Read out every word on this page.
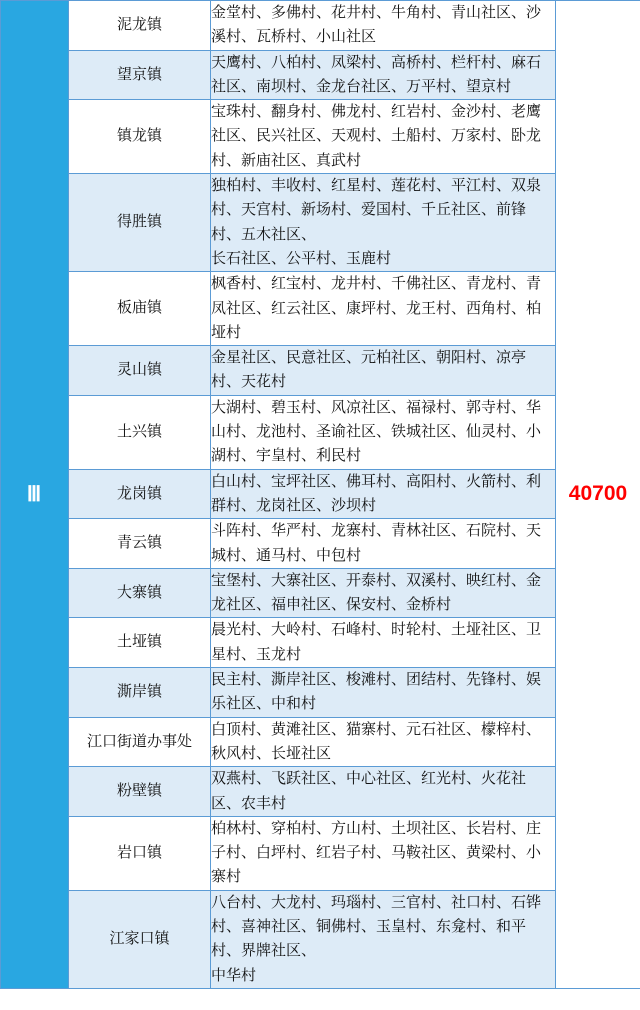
Ⅲ	泥龙镇	金堂村、多佛村、花井村、牛角村、青山社区、沙溪村、瓦桥村、小山社区	40700
	望京镇	天鹰村、八柏村、凤梁村、高桥村、栏杆村、麻石社区、南坝村、金龙台社区、万平村、望京村	
	镇龙镇	宝珠村、翻身村、佛龙村、红岩村、金沙村、老鹰社区、民兴社区、天观村、土船村、万家村、卧龙村、新庙社区、真武村	
	得胜镇	独柏村、丰收村、红星村、莲花村、平江村、双泉村、天宫村、新场村、爱国村、千丘社区、前锋村、五木社区、
长石社区、公平村、玉鹿村	

	板庙镇	枫香村、红宝村、龙井村、千佛社区、青龙村、青凤社区、红云社区、康坪村、龙王村、西角村、柏垭村	
	灵山镇	金星社区、民意社区、元柏社区、朝阳村、凉亭村、天花村	
	土兴镇	大湖村、碧玉村、风凉社区、福禄村、郭寺村、华山村、龙池村、圣谕社区、铁城社区、仙灵村、小湖村、宇皇村、利民村	
	龙岗镇	白山村、宝坪社区、佛耳村、高阳村、火箭村、利群村、龙岗社区、沙坝村	
	青云镇	斗阵村、华严村、龙寨村、青林社区、石院村、天城村、通马村、中包村	
	大寨镇	宝堡村、大寨社区、开泰村、双溪村、映红村、金龙社区、福申社区、保安村、金桥村	
	土垭镇	晨光村、大岭村、石峰村、时轮村、土垭社区、卫星村、玉龙村	
	澌岸镇	民主村、澌岸社区、梭滩村、团结村、先锋村、娱乐社区、中和村	
	江口街道办事处	白顶村、黄滩社区、猫寨村、元石社区、檬梓村、秋风村、长垭社区	
	粉壁镇	双燕村、飞跃社区、中心社区、红光村、火花社区、农丰村	
	岩口镇	柏林村、穿柏村、方山村、土坝社区、长岩村、庄子村、白坪村、红岩子村、马鞍社区、黄梁村、小寨村	
	江家口镇	八台村、大龙村、玛瑙村、三官村、社口村、石铧村、喜神社区、铜佛村、玉皇村、东龛村、和平村、界牌社区、
中华村	
